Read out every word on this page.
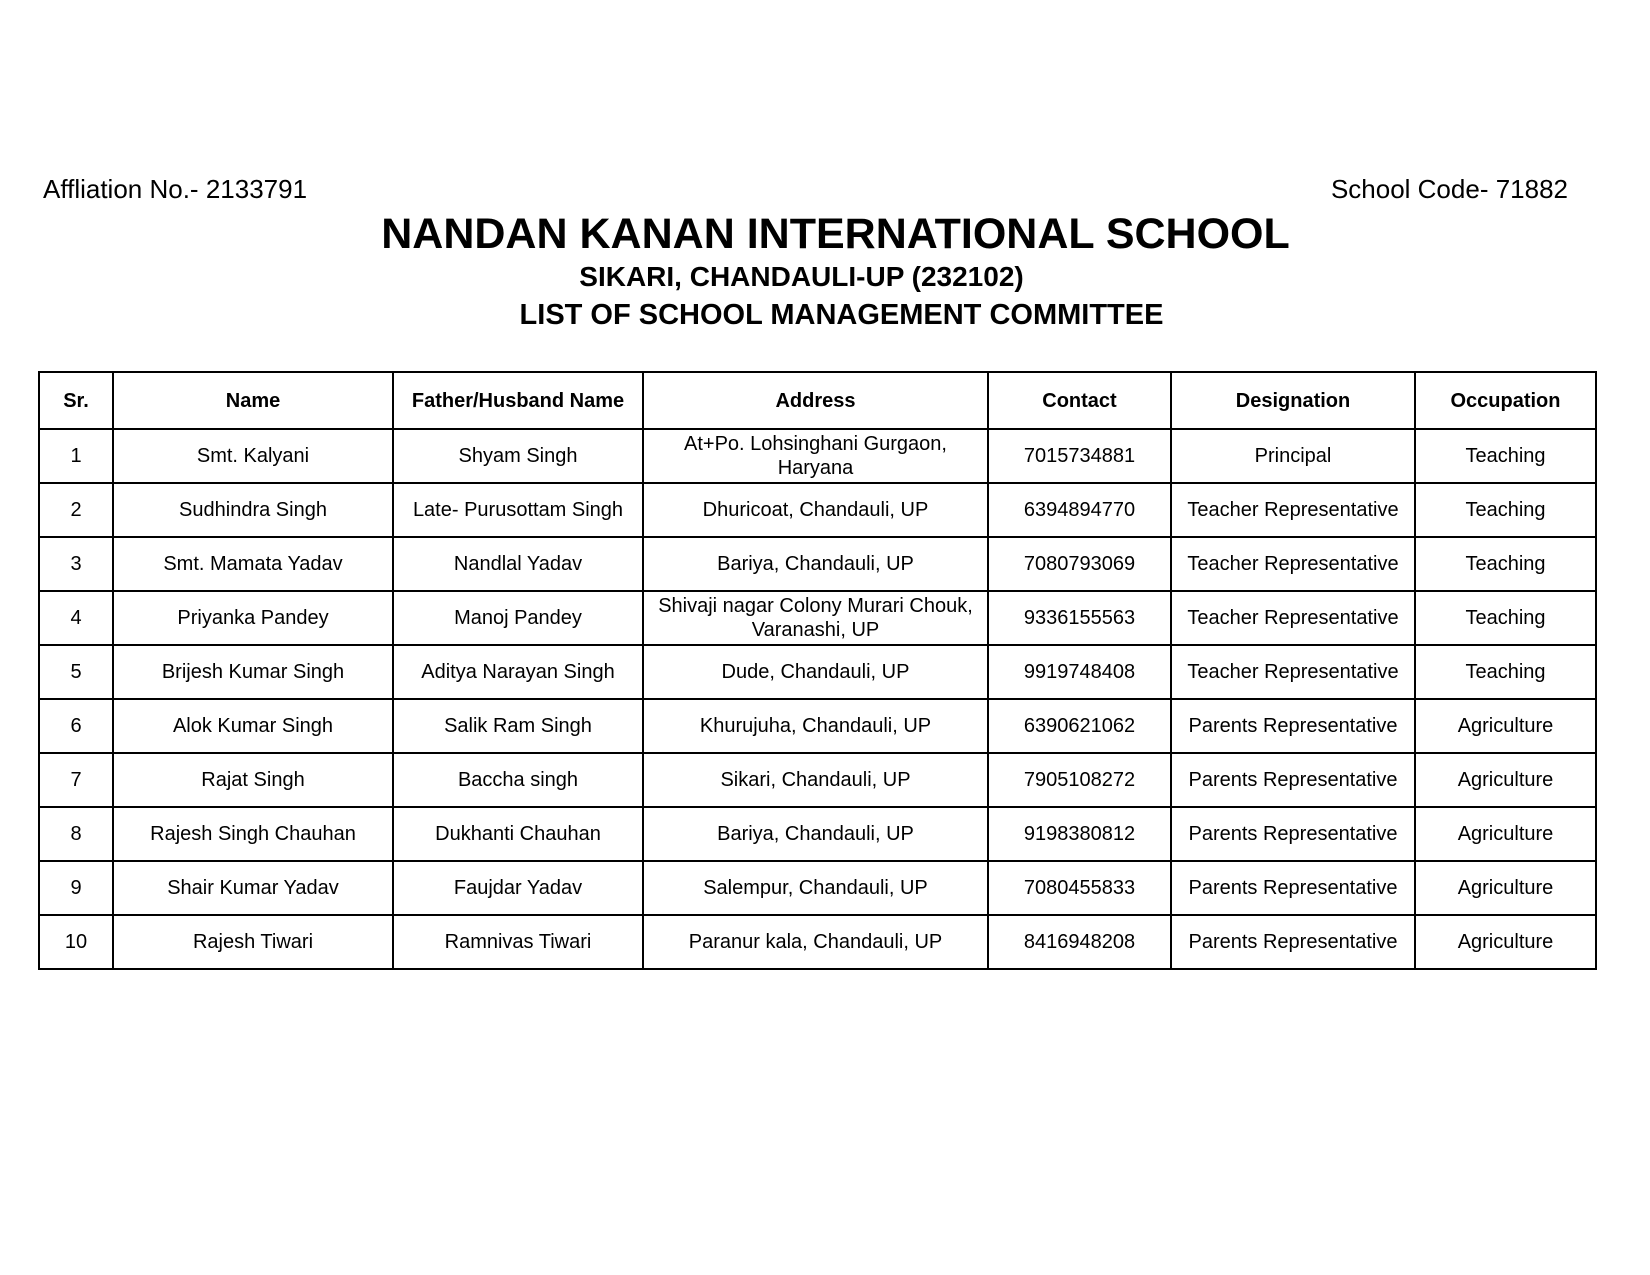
Affliation No.- 2133791	School Code- 71882
NANDAN KANAN INTERNATIONAL SCHOOL
SIKARI, CHANDAULI-UP (232102)
LIST OF SCHOOL MANAGEMENT COMMITTEE
Sr.	Name	Father/Husband Name	Address	Contact	Designation	Occupation
1	Smt. Kalyani	Shyam Singh	At+Po. Lohsinghani Gurgaon, Haryana	7015734881	Principal	Teaching
2	Sudhindra Singh	Late- Purusottam Singh	Dhuricoat, Chandauli, UP	6394894770	Teacher Representative	Teaching
3	Smt. Mamata Yadav	Nandlal Yadav	Bariya, Chandauli, UP	7080793069	Teacher Representative	Teaching
4	Priyanka Pandey	Manoj Pandey	Shivaji nagar Colony Murari Chouk, Varanashi, UP	9336155563	Teacher Representative	Teaching
5	Brijesh Kumar Singh	Aditya Narayan Singh	Dude, Chandauli, UP	9919748408	Teacher Representative	Teaching
6	Alok Kumar Singh	Salik Ram Singh	Khurujuha, Chandauli, UP	6390621062	Parents Representative	Agriculture
7	Rajat Singh	Baccha singh	Sikari, Chandauli, UP	7905108272	Parents Representative	Agriculture
8	Rajesh Singh Chauhan	Dukhanti Chauhan	Bariya, Chandauli, UP	9198380812	Parents Representative	Agriculture
9	Shair Kumar Yadav	Faujdar Yadav	Salempur, Chandauli, UP	7080455833	Parents Representative	Agriculture
10	Rajesh Tiwari	Ramnivas Tiwari	Paranur kala, Chandauli, UP	8416948208	Parents Representative	Agriculture
